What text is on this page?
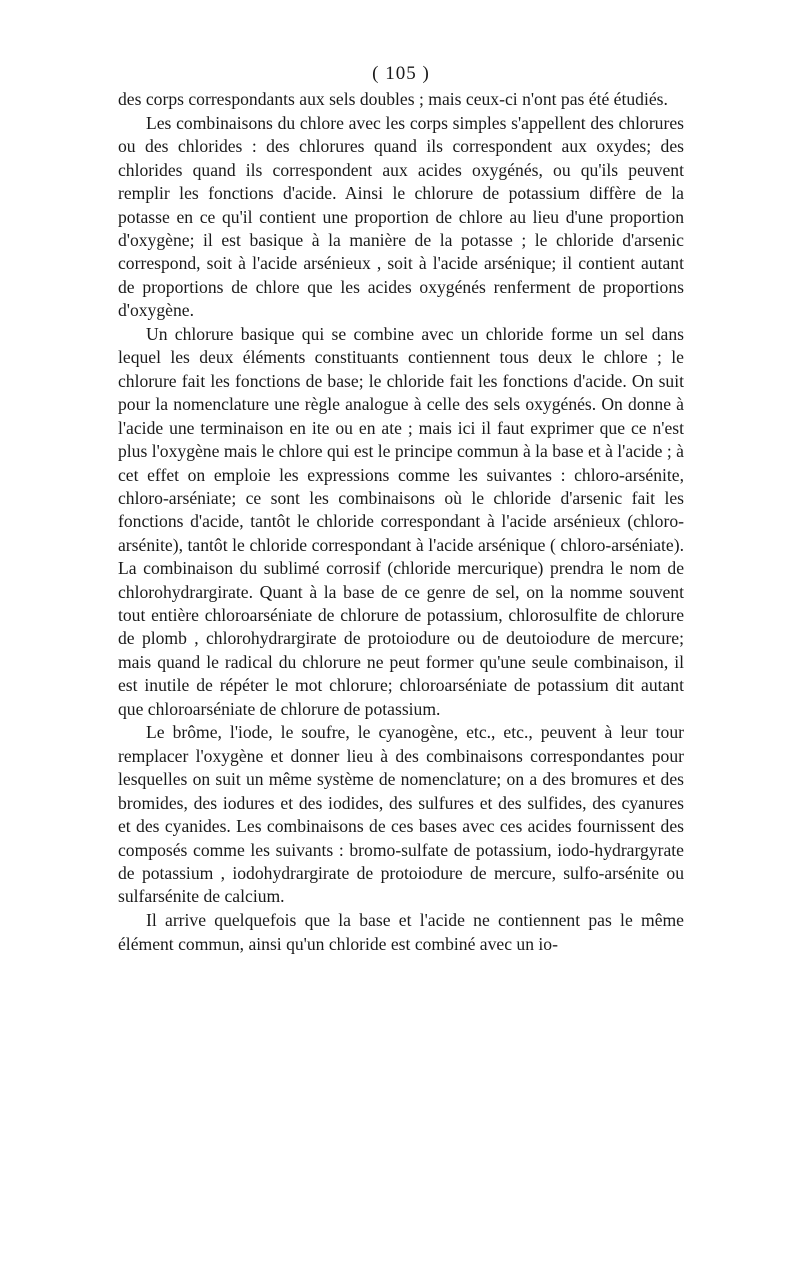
( 105 )

des corps correspondants aux sels doubles ; mais ceux-ci n'ont pas été étudiés.

Les combinaisons du chlore avec les corps simples s'appellent des chlorures ou des chlorides : des chlorures quand ils correspondent aux oxydes; des chlorides quand ils correspondent aux acides oxygénés, ou qu'ils peuvent remplir les fonctions d'acide. Ainsi le chlorure de potassium diffère de la potasse en ce qu'il contient une proportion de chlore au lieu d'une proportion d'oxygène; il est basique à la manière de la potasse ; le chloride d'arsenic correspond, soit à l'acide arsénieux , soit à l'acide arsénique; il contient autant de proportions de chlore que les acides oxygénés renferment de proportions d'oxygène.

Un chlorure basique qui se combine avec un chloride forme un sel dans lequel les deux éléments constituants contiennent tous deux le chlore ; le chlorure fait les fonctions de base; le chloride fait les fonctions d'acide. On suit pour la nomenclature une règle analogue à celle des sels oxygénés. On donne à l'acide une terminaison en ite ou en ate ; mais ici il faut exprimer que ce n'est plus l'oxygène mais le chlore qui est le principe commun à la base et à l'acide ; à cet effet on emploie les expressions comme les suivantes : chloro-arsénite, chloro-arséniate; ce sont les combinaisons où le chloride d'arsenic fait les fonctions d'acide, tantôt le chloride correspondant à l'acide arsénieux (chloro-arsénite), tantôt le chloride correspondant à l'acide arsénique ( chloro-arséniate). La combinaison du sublimé corrosif (chloride mercurique) prendra le nom de chlorohydrargirate. Quant à la base de ce genre de sel, on la nomme souvent tout entière chloroarséniate de chlorure de potassium, chlorosulfite de chlorure de plomb , chlorohydrargirate de protoiodure ou de deutoiodure de mercure; mais quand le radical du chlorure ne peut former qu'une seule combinaison, il est inutile de répéter le mot chlorure; chloroarséniate de potassium dit autant que chloroarséniate de chlorure de potassium.

Le brôme, l'iode, le soufre, le cyanogène, etc., etc., peuvent à leur tour remplacer l'oxygène et donner lieu à des combinaisons correspondantes pour lesquelles on suit un même système de nomenclature; on a des bromures et des bromides, des iodures et des iodides, des sulfures et des sulfides, des cyanures et des cyanides. Les combinaisons de ces bases avec ces acides fournissent des composés comme les suivants : bromo-sulfate de potassium, iodo-hydrargyrate de potassium , iodohydrargirate de protoiodure de mercure, sulfo-arsénite ou sulfarsénite de calcium.

Il arrive quelquefois que la base et l'acide ne contiennent pas le même élément commun, ainsi qu'un chloride est combiné avec un io-
